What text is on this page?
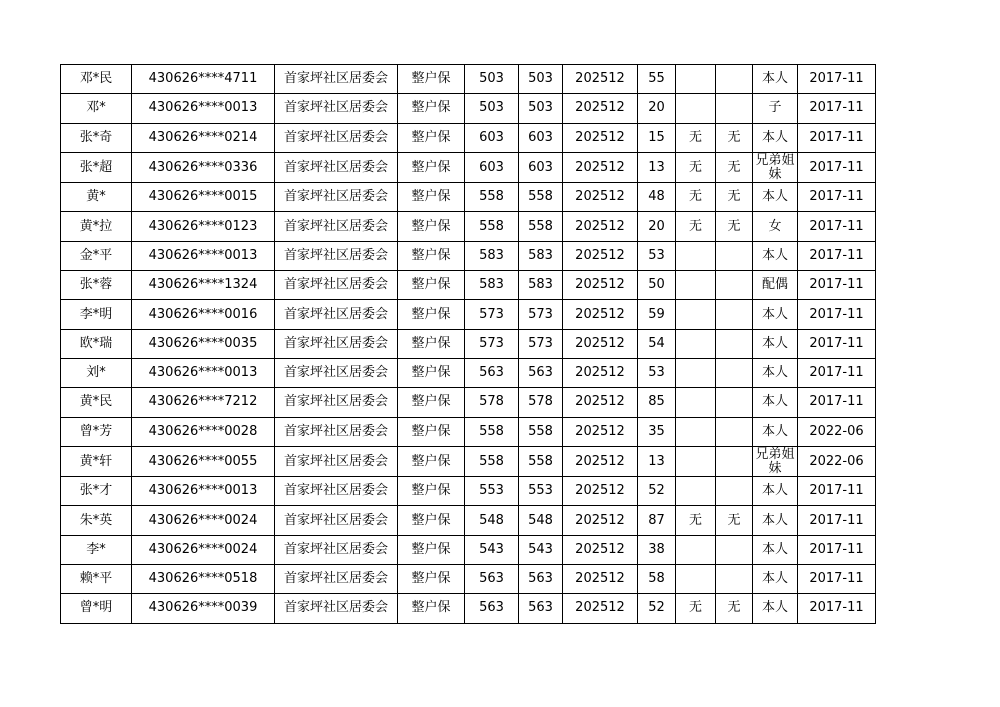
邓*民	430626****4711	首家坪社区居委会	整户保	503	503	202512	55			本人	2017-11
邓*	430626****0013	首家坪社区居委会	整户保	503	503	202512	20			子	2017-11
张*奇	430626****0214	首家坪社区居委会	整户保	603	603	202512	15	无	无	本人	2017-11
张*超	430626****0336	首家坪社区居委会	整户保	603	603	202512	13	无	无	兄弟姐妹	2017-11
黄*	430626****0015	首家坪社区居委会	整户保	558	558	202512	48	无	无	本人	2017-11
黄*拉	430626****0123	首家坪社区居委会	整户保	558	558	202512	20	无	无	女	2017-11
金*平	430626****0013	首家坪社区居委会	整户保	583	583	202512	53			本人	2017-11
张*蓉	430626****1324	首家坪社区居委会	整户保	583	583	202512	50			配偶	2017-11
李*明	430626****0016	首家坪社区居委会	整户保	573	573	202512	59			本人	2017-11
欧*瑞	430626****0035	首家坪社区居委会	整户保	573	573	202512	54			本人	2017-11
刘*	430626****0013	首家坪社区居委会	整户保	563	563	202512	53			本人	2017-11
黄*民	430626****7212	首家坪社区居委会	整户保	578	578	202512	85			本人	2017-11
曾*芳	430626****0028	首家坪社区居委会	整户保	558	558	202512	35			本人	2022-06
黄*轩	430626****0055	首家坪社区居委会	整户保	558	558	202512	13			兄弟姐妹	2022-06
张*才	430626****0013	首家坪社区居委会	整户保	553	553	202512	52			本人	2017-11
朱*英	430626****0024	首家坪社区居委会	整户保	548	548	202512	87	无	无	本人	2017-11
李*	430626****0024	首家坪社区居委会	整户保	543	543	202512	38			本人	2017-11
赖*平	430626****0518	首家坪社区居委会	整户保	563	563	202512	58			本人	2017-11
曾*明	430626****0039	首家坪社区居委会	整户保	563	563	202512	52	无	无	本人	2017-11
